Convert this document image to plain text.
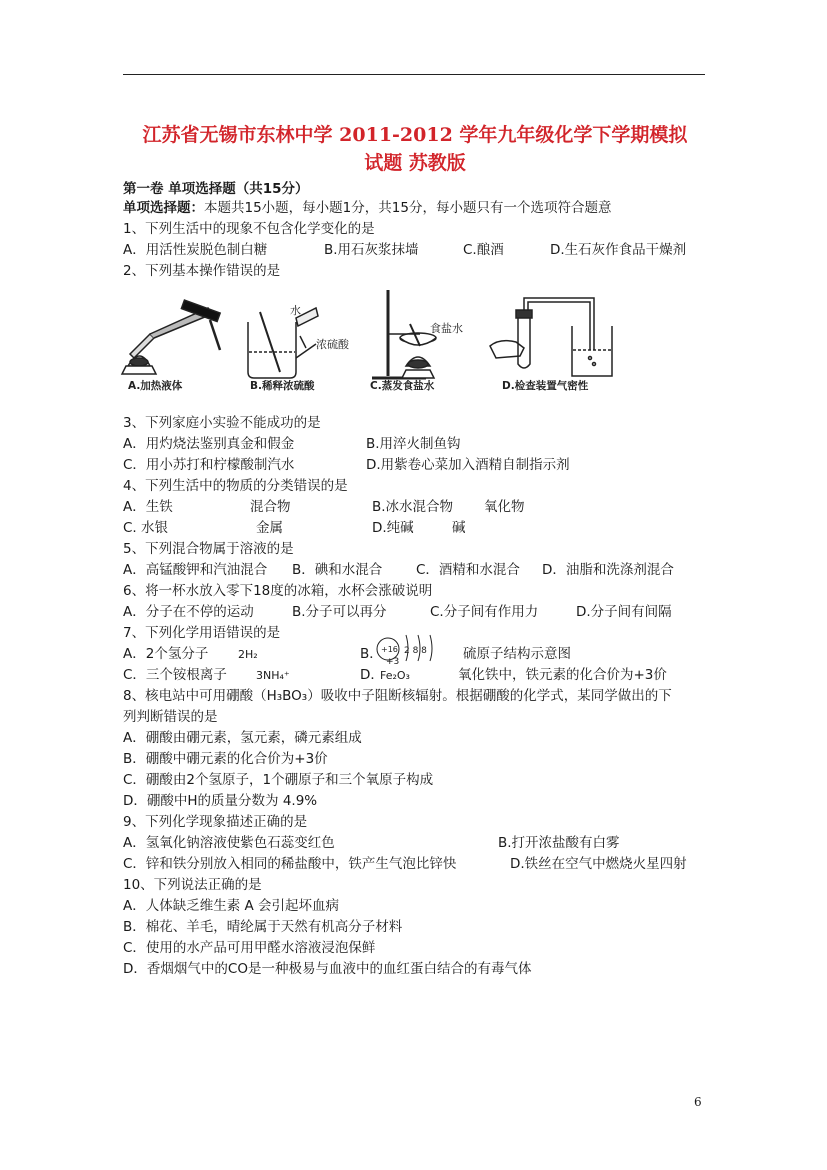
江苏省无锡市东林中学 2011-2012 学年九年级化学下学期模拟
试题 苏教版
第一卷 单项选择题（共15分）
单项选择题：本题共15小题，每小题1分，共15分，每小题只有一个选项符合题意
1、下列生活中的现象不包含化学变化的是
A．用活性炭脱色制白糖	B.用石灰浆抹墙	C.酿酒	D.生石灰作食品干燥剂
2、下列基本操作错误的是
A.加热液体
水
浓硫酸
B.稀释浓硫酸
食盐水
C.蒸发食盐水	D.检查装置气密性
3、下列家庭小实验不能成功的是
A．用灼烧法鉴别真金和假金	B.用淬火制鱼钩
C．用小苏打和柠檬酸制汽水	D.用紫卷心菜加入酒精自制指示剂
4、下列生活中的物质的分类错误的是
A．生铁	混合物	B.冰水混合物 氧化物
C. 水银	金属	D.纯碱	碱
5、下列混合物属于溶液的是
A．高锰酸钾和汽油混合 B．碘和水混合 C．酒精和水混合 D．油脂和洗涤剂混合
6、将一杯水放入零下18度的冰箱，水杯会涨破说明
A．分子在不停的运动	B.分子可以再分	C.分子间有作用力	D.分子间有间隔
7、下列化学用语错误的是
A．2个氢分子	2H₂	B．
+16 2 8 8	硫原子结构示意图
C．三个铵根离子	3NH₄⁺	D．
+3
Fe₂O₃	氧化铁中，铁元素的化合价为+3价
8、核电站中可用硼酸（H₃BO₃）吸收中子阻断核辐射。根据硼酸的化学式，某同学做出的下
列判断错误的是
A．硼酸由硼元素，氢元素，磷元素组成
B．硼酸中硼元素的化合价为+3价
C．硼酸由2个氢原子，1个硼原子和三个氧原子构成
D．硼酸中H的质量分数为 4.9%
9、下列化学现象描述正确的是
A．氢氧化钠溶液使紫色石蕊变红色	B.打开浓盐酸有白雾
C．锌和铁分别放入相同的稀盐酸中，铁产生气泡比锌快	D.铁丝在空气中燃烧火星四射
10、下列说法正确的是
A．人体缺乏维生素 A 会引起坏血病
B．棉花、羊毛，晴纶属于天然有机高分子材料
C．使用的水产品可用甲醛水溶液浸泡保鲜
D．香烟烟气中的CO是一种极易与血液中的血红蛋白结合的有毒气体
6
